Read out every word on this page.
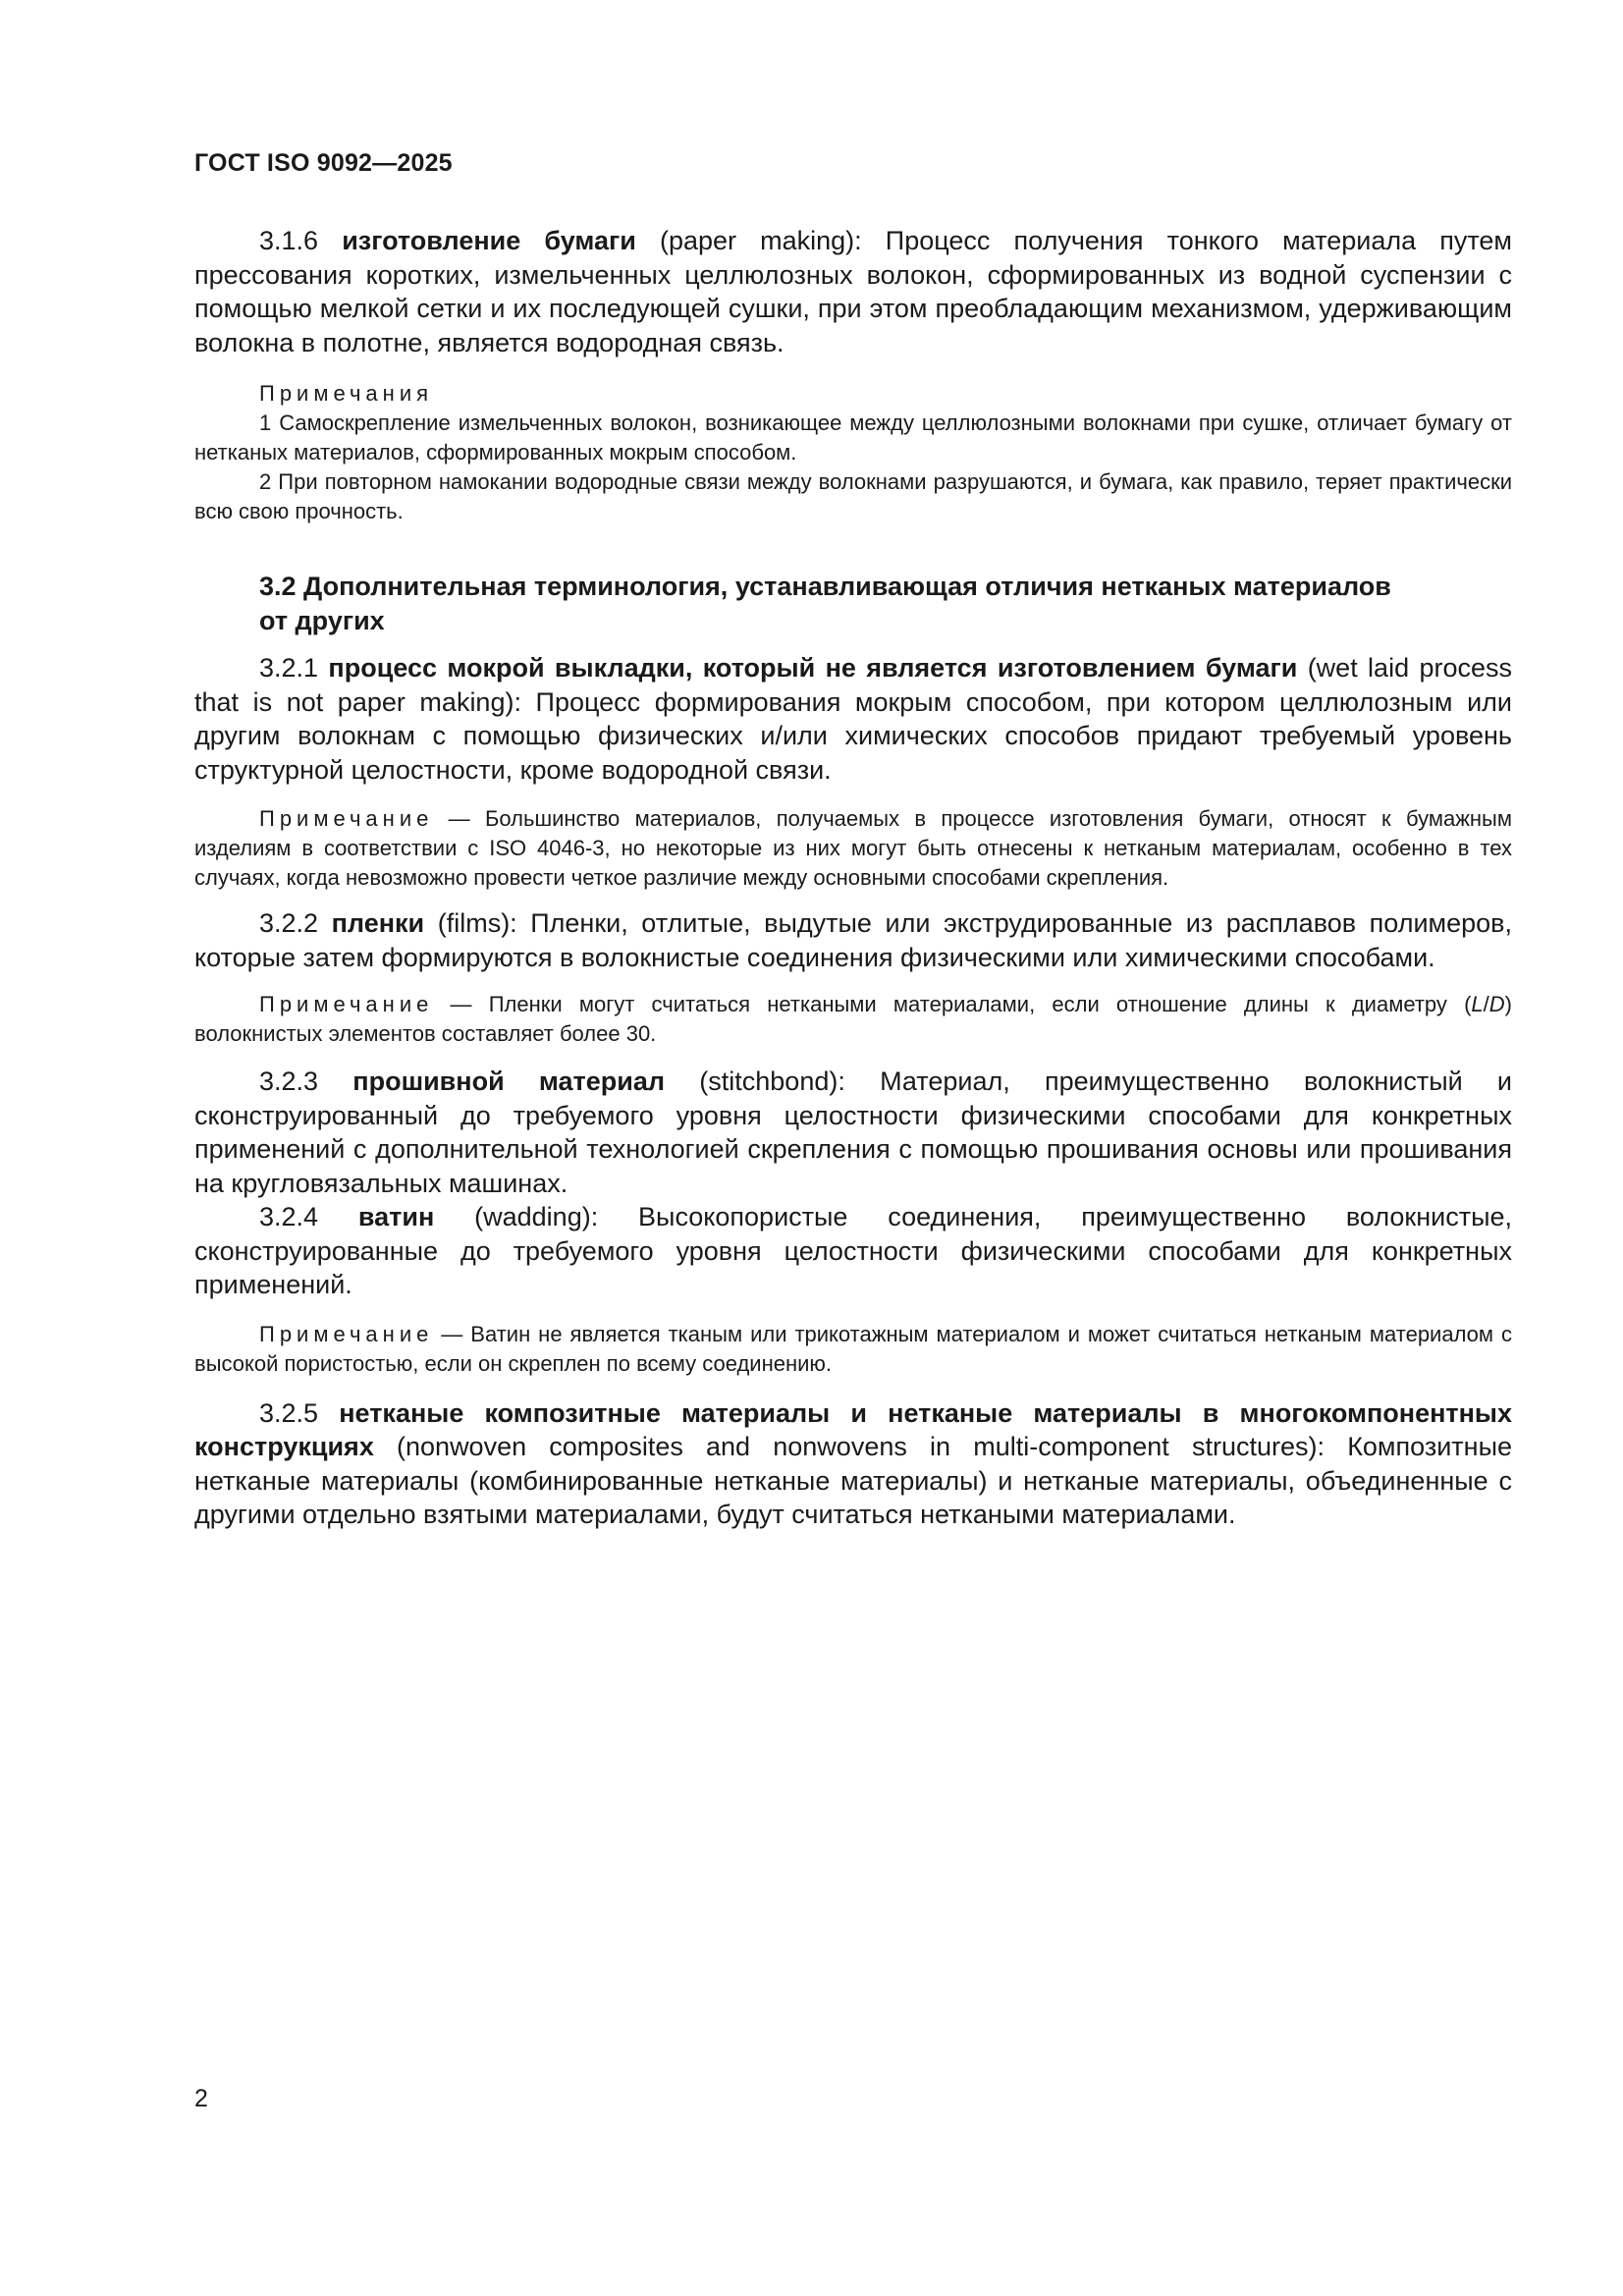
ГОСТ ISO 9092—2025

3.1.6 изготовление бумаги (paper making): Процесс получения тонкого материала путем прессования коротких, измельченных целлюлозных волокон, сформированных из водной суспензии с помощью мелкой сетки и их последующей сушки, при этом преобладающим механизмом, удерживающим волокна в полотне, является водородная связь.

Примечания

1 Самоскрепление измельченных волокон, возникающее между целлюлозными волокнами при сушке, отличает бумагу от нетканых материалов, сформированных мокрым способом.

2 При повторном намокании водородные связи между волокнами разрушаются, и бумага, как правило, теряет практически всю свою прочность.

3.2 Дополнительная терминология, устанавливающая отличия нетканых материалов
от других

3.2.1 процесс мокрой выкладки, который не является изготовлением бумаги (wet laid process that is not paper making): Процесс формирования мокрым способом, при котором целлюлозным или другим волокнам с помощью физических и/или химических способов придают требуемый уровень структурной целостности, кроме водородной связи.

Примечание — Большинство материалов, получаемых в процессе изготовления бумаги, относят к бумажным изделиям в соответствии с ISO 4046-3, но некоторые из них могут быть отнесены к нетканым материалам, особенно в тех случаях, когда невозможно провести четкое различие между основными способами скрепления.

3.2.2 пленки (films): Пленки, отлитые, выдутые или экструдированные из расплавов полимеров, которые затем формируются в волокнистые соединения физическими или химическими способами.

Примечание — Пленки могут считаться неткаными материалами, если отношение длины к диаметру (L/D) волокнистых элементов составляет более 30.

3.2.3 прошивной материал (stitchbond): Материал, преимущественно волокнистый и сконструированный до требуемого уровня целостности физическими способами для конкретных применений с дополнительной технологией скрепления с помощью прошивания основы или прошивания на кругловязальных машинах.

3.2.4 ватин (wadding): Высокопористые соединения, преимущественно волокнистые, сконструированные до требуемого уровня целостности физическими способами для конкретных применений.

Примечание — Ватин не является тканым или трикотажным материалом и может считаться нетканым материалом с высокой пористостью, если он скреплен по всему соединению.

3.2.5 нетканые композитные материалы и нетканые материалы в многокомпонентных конструкциях (nonwoven composites and nonwovens in multi-component structures): Композитные нетканые материалы (комбинированные нетканые материалы) и нетканые материалы, объединенные с другими отдельно взятыми материалами, будут считаться неткаными материалами.

2
